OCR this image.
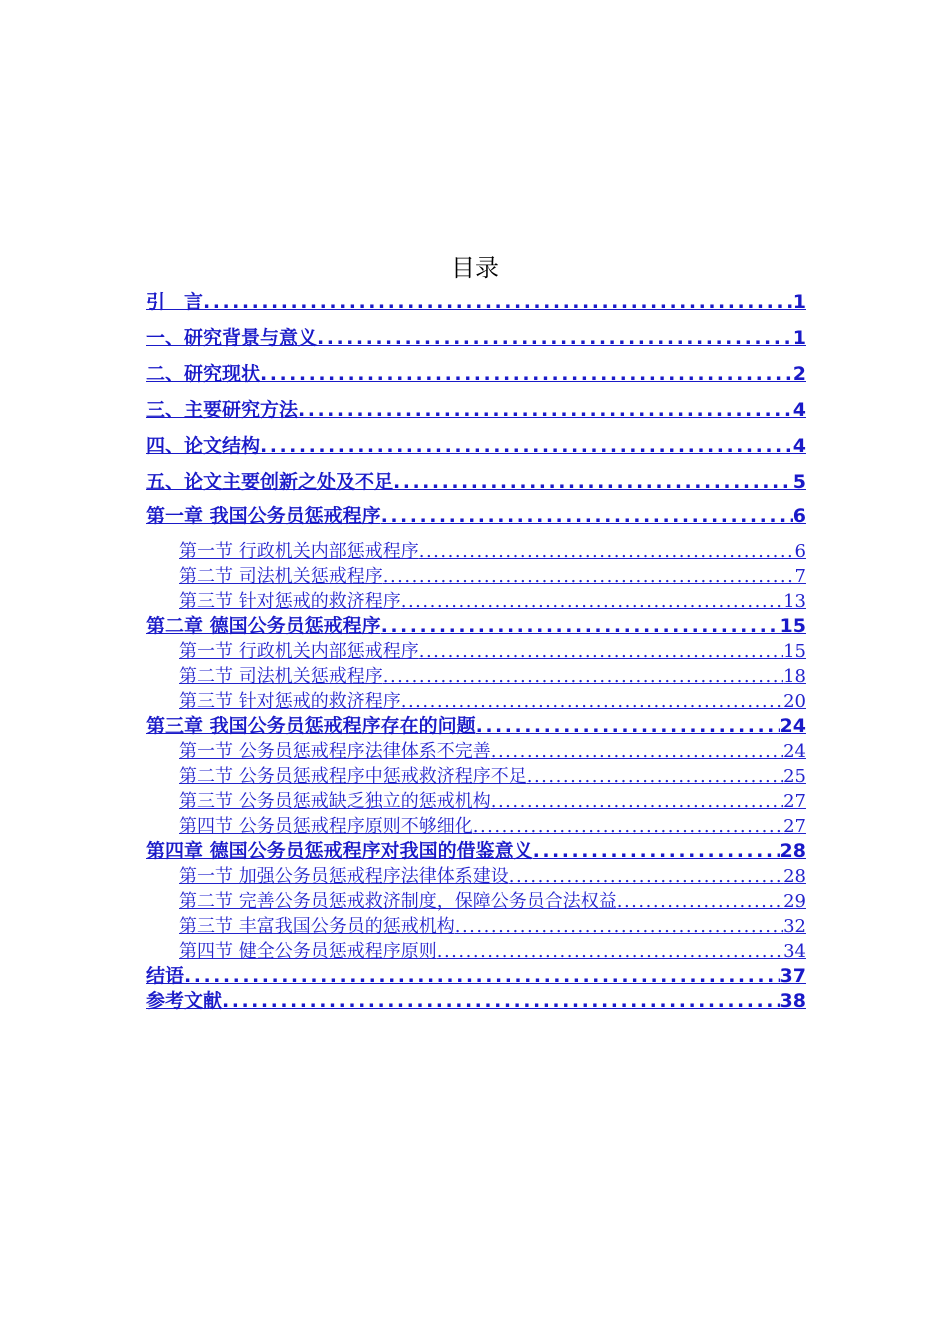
目录
引　言 .....	1
一、研究背景与意义 .....	1
二、研究现状 .....	2
三、主要研究方法 .....	4
四、论文结构 .....	4
五、论文主要创新之处及不足 .....	5
第一章 我国公务员惩戒程序 .....	6
第一节 行政机关内部惩戒程序 .....	6
第二节 司法机关惩戒程序 .....	7
第三节 针对惩戒的救济程序 .....	13
第二章 德国公务员惩戒程序 .....	15
第一节 行政机关内部惩戒程序 .....	15
第二节 司法机关惩戒程序 .....	18
第三节 针对惩戒的救济程序 .....	20
第三章 我国公务员惩戒程序存在的问题 .....	24
第一节 公务员惩戒程序法律体系不完善 .....	24
第二节 公务员惩戒程序中惩戒救济程序不足 .....	25
第三节 公务员惩戒缺乏独立的惩戒机构 .....	27
第四节 公务员惩戒程序原则不够细化 .....	27
第四章 德国公务员惩戒程序对我国的借鉴意义 .....	28
第一节 加强公务员惩戒程序法律体系建设 .....	28
第二节 完善公务员惩戒救济制度，保障公务员合法权益 .....	29
第三节 丰富我国公务员的惩戒机构 .....	32
第四节 健全公务员惩戒程序原则 .....	34
结语 .....	37
参考文献 .....	38
